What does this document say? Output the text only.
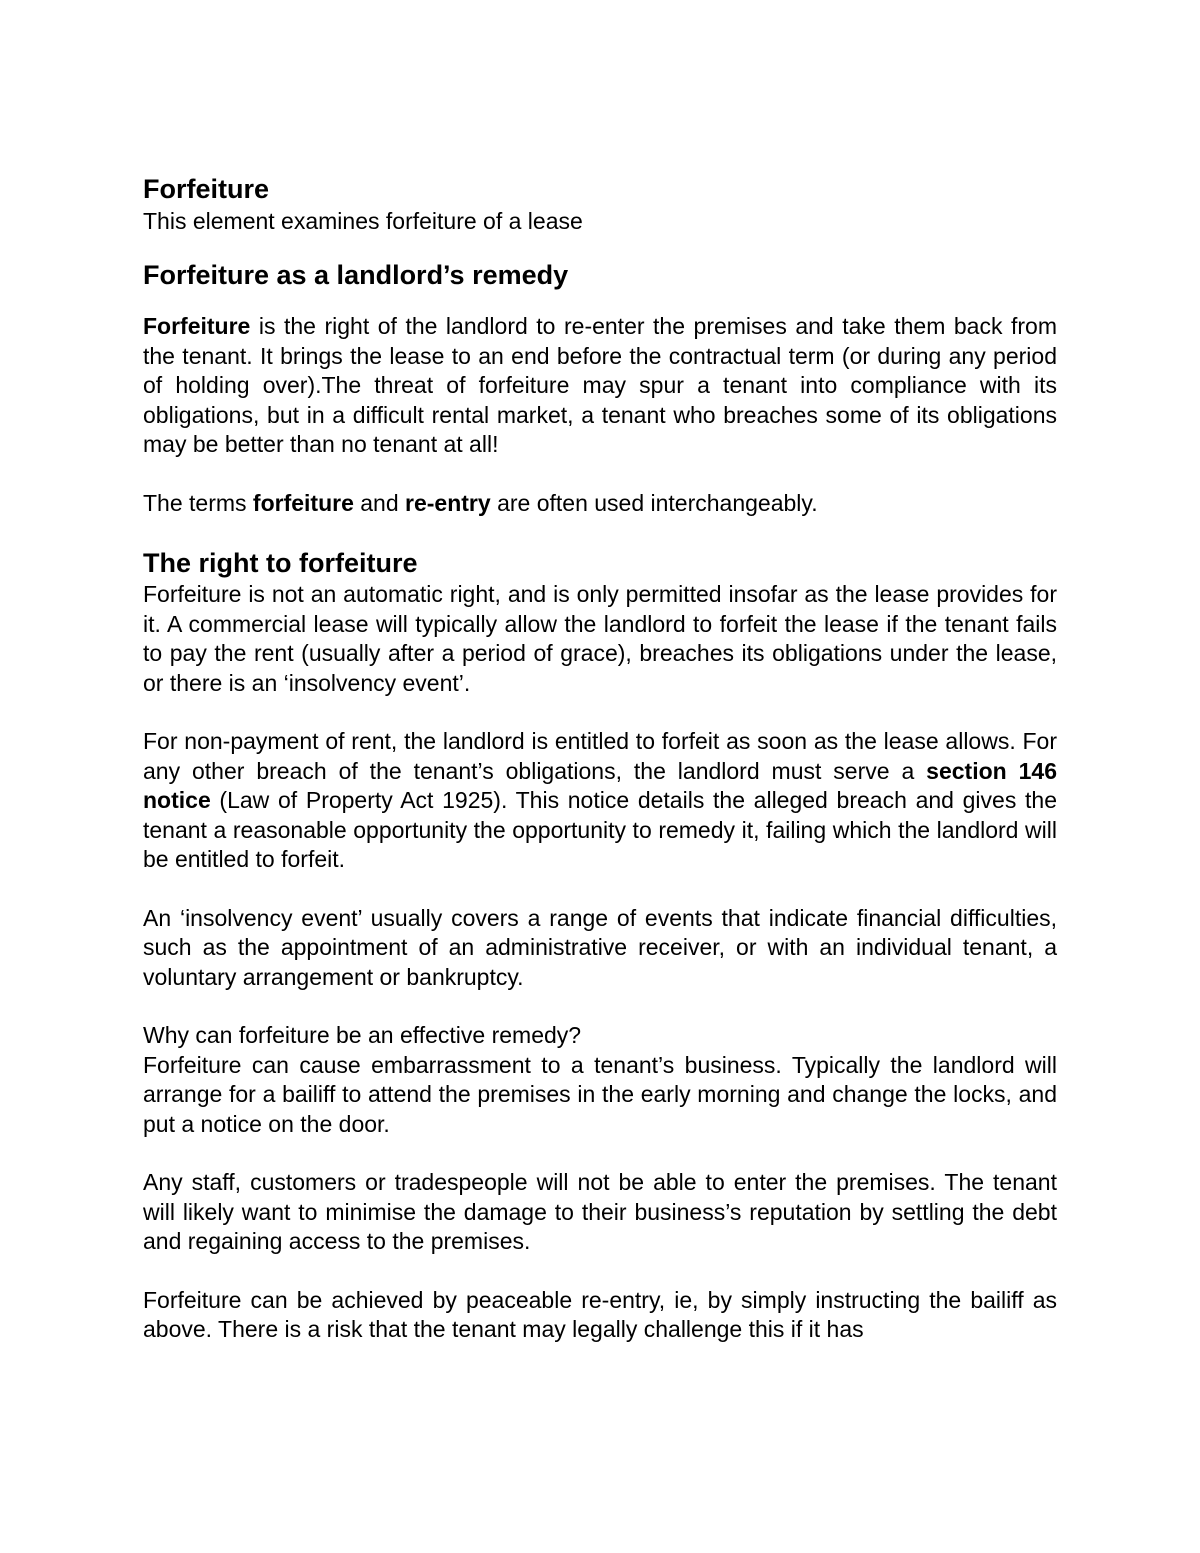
Forfeiture

This element examines forfeiture of a lease

Forfeiture as a landlord’s remedy

Forfeiture is the right of the landlord to re-enter the premises and take them back from the tenant. It brings the lease to an end before the contractual term (or during any period of holding over).The threat of forfeiture may spur a tenant into compliance with its obligations, but in a difficult rental market, a tenant who breaches some of its obligations may be better than no tenant at all!

The terms forfeiture and re-entry are often used interchangeably.

The right to forfeiture

Forfeiture is not an automatic right, and is only permitted insofar as the lease provides for it. A commercial lease will typically allow the landlord to forfeit the lease if the tenant fails to pay the rent (usually after a period of grace), breaches its obligations under the lease, or there is an ‘insolvency event’.

For non-payment of rent, the landlord is entitled to forfeit as soon as the lease allows. For any other breach of the tenant’s obligations, the landlord must serve a section 146 notice (Law of Property Act 1925). This notice details the alleged breach and gives the tenant a reasonable opportunity the opportunity to remedy it, failing which the landlord will be entitled to forfeit.

An ‘insolvency event’ usually covers a range of events that indicate financial difficulties, such as the appointment of an administrative receiver, or with an individual tenant, a voluntary arrangement or bankruptcy.

Why can forfeiture be an effective remedy?

Forfeiture can cause embarrassment to a tenant’s business. Typically the landlord will arrange for a bailiff to attend the premises in the early morning and change the locks, and put a notice on the door.

Any staff, customers or tradespeople will not be able to enter the premises. The tenant will likely want to minimise the damage to their business’s reputation by settling the debt and regaining access to the premises.

Forfeiture can be achieved by peaceable re-entry, ie, by simply instructing the bailiff as above. There is a risk that the tenant may legally challenge this if it has
